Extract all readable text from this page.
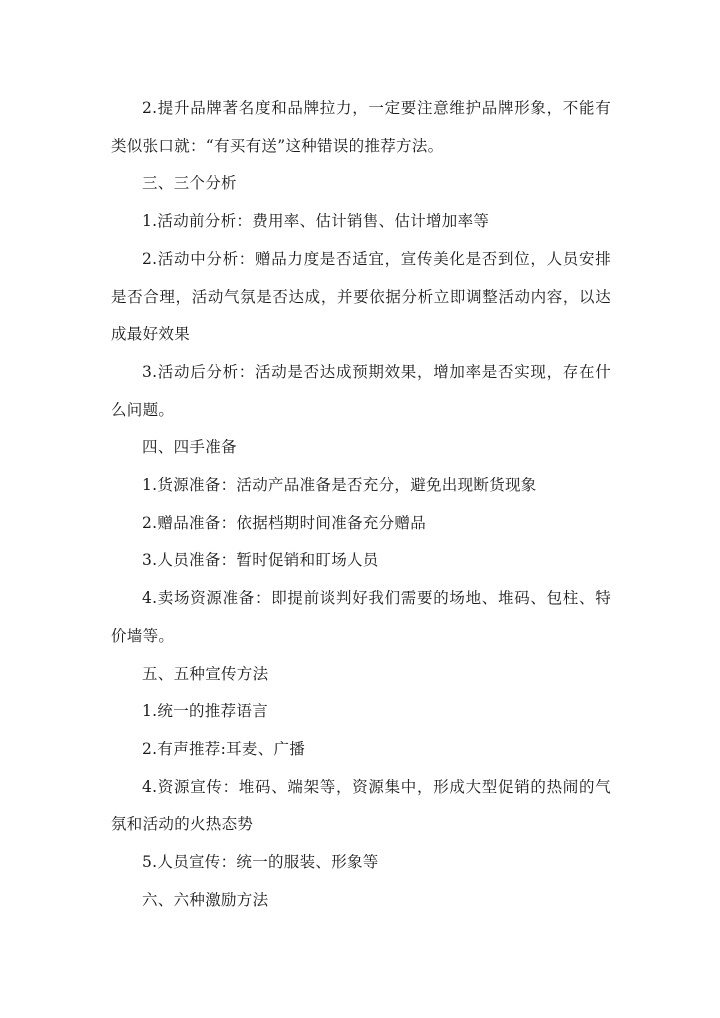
2.提升品牌著名度和品牌拉力，一定要注意维护品牌形象，不能有类似张口就：“有买有送”这种错误的推荐方法。

三、三个分析

1.活动前分析：费用率、估计销售、估计增加率等

2.活动中分析：赠品力度是否适宜，宣传美化是否到位，人员安排是否合理，活动气氛是否达成，并要依据分析立即调整活动内容，以达成最好效果

3.活动后分析：活动是否达成预期效果，增加率是否实现，存在什么问题。

四、四手准备

1.货源准备：活动产品准备是否充分，避免出现断货现象

2.赠品准备：依据档期时间准备充分赠品

3.人员准备：暂时促销和盯场人员

4.卖场资源准备：即提前谈判好我们需要的场地、堆码、包柱、特价墙等。

五、五种宣传方法

1.统一的推荐语言

2.有声推荐:耳麦、广播

4.资源宣传：堆码、端架等，资源集中，形成大型促销的热闹的气氛和活动的火热态势

5.人员宣传：统一的服装、形象等

六、六种激励方法
